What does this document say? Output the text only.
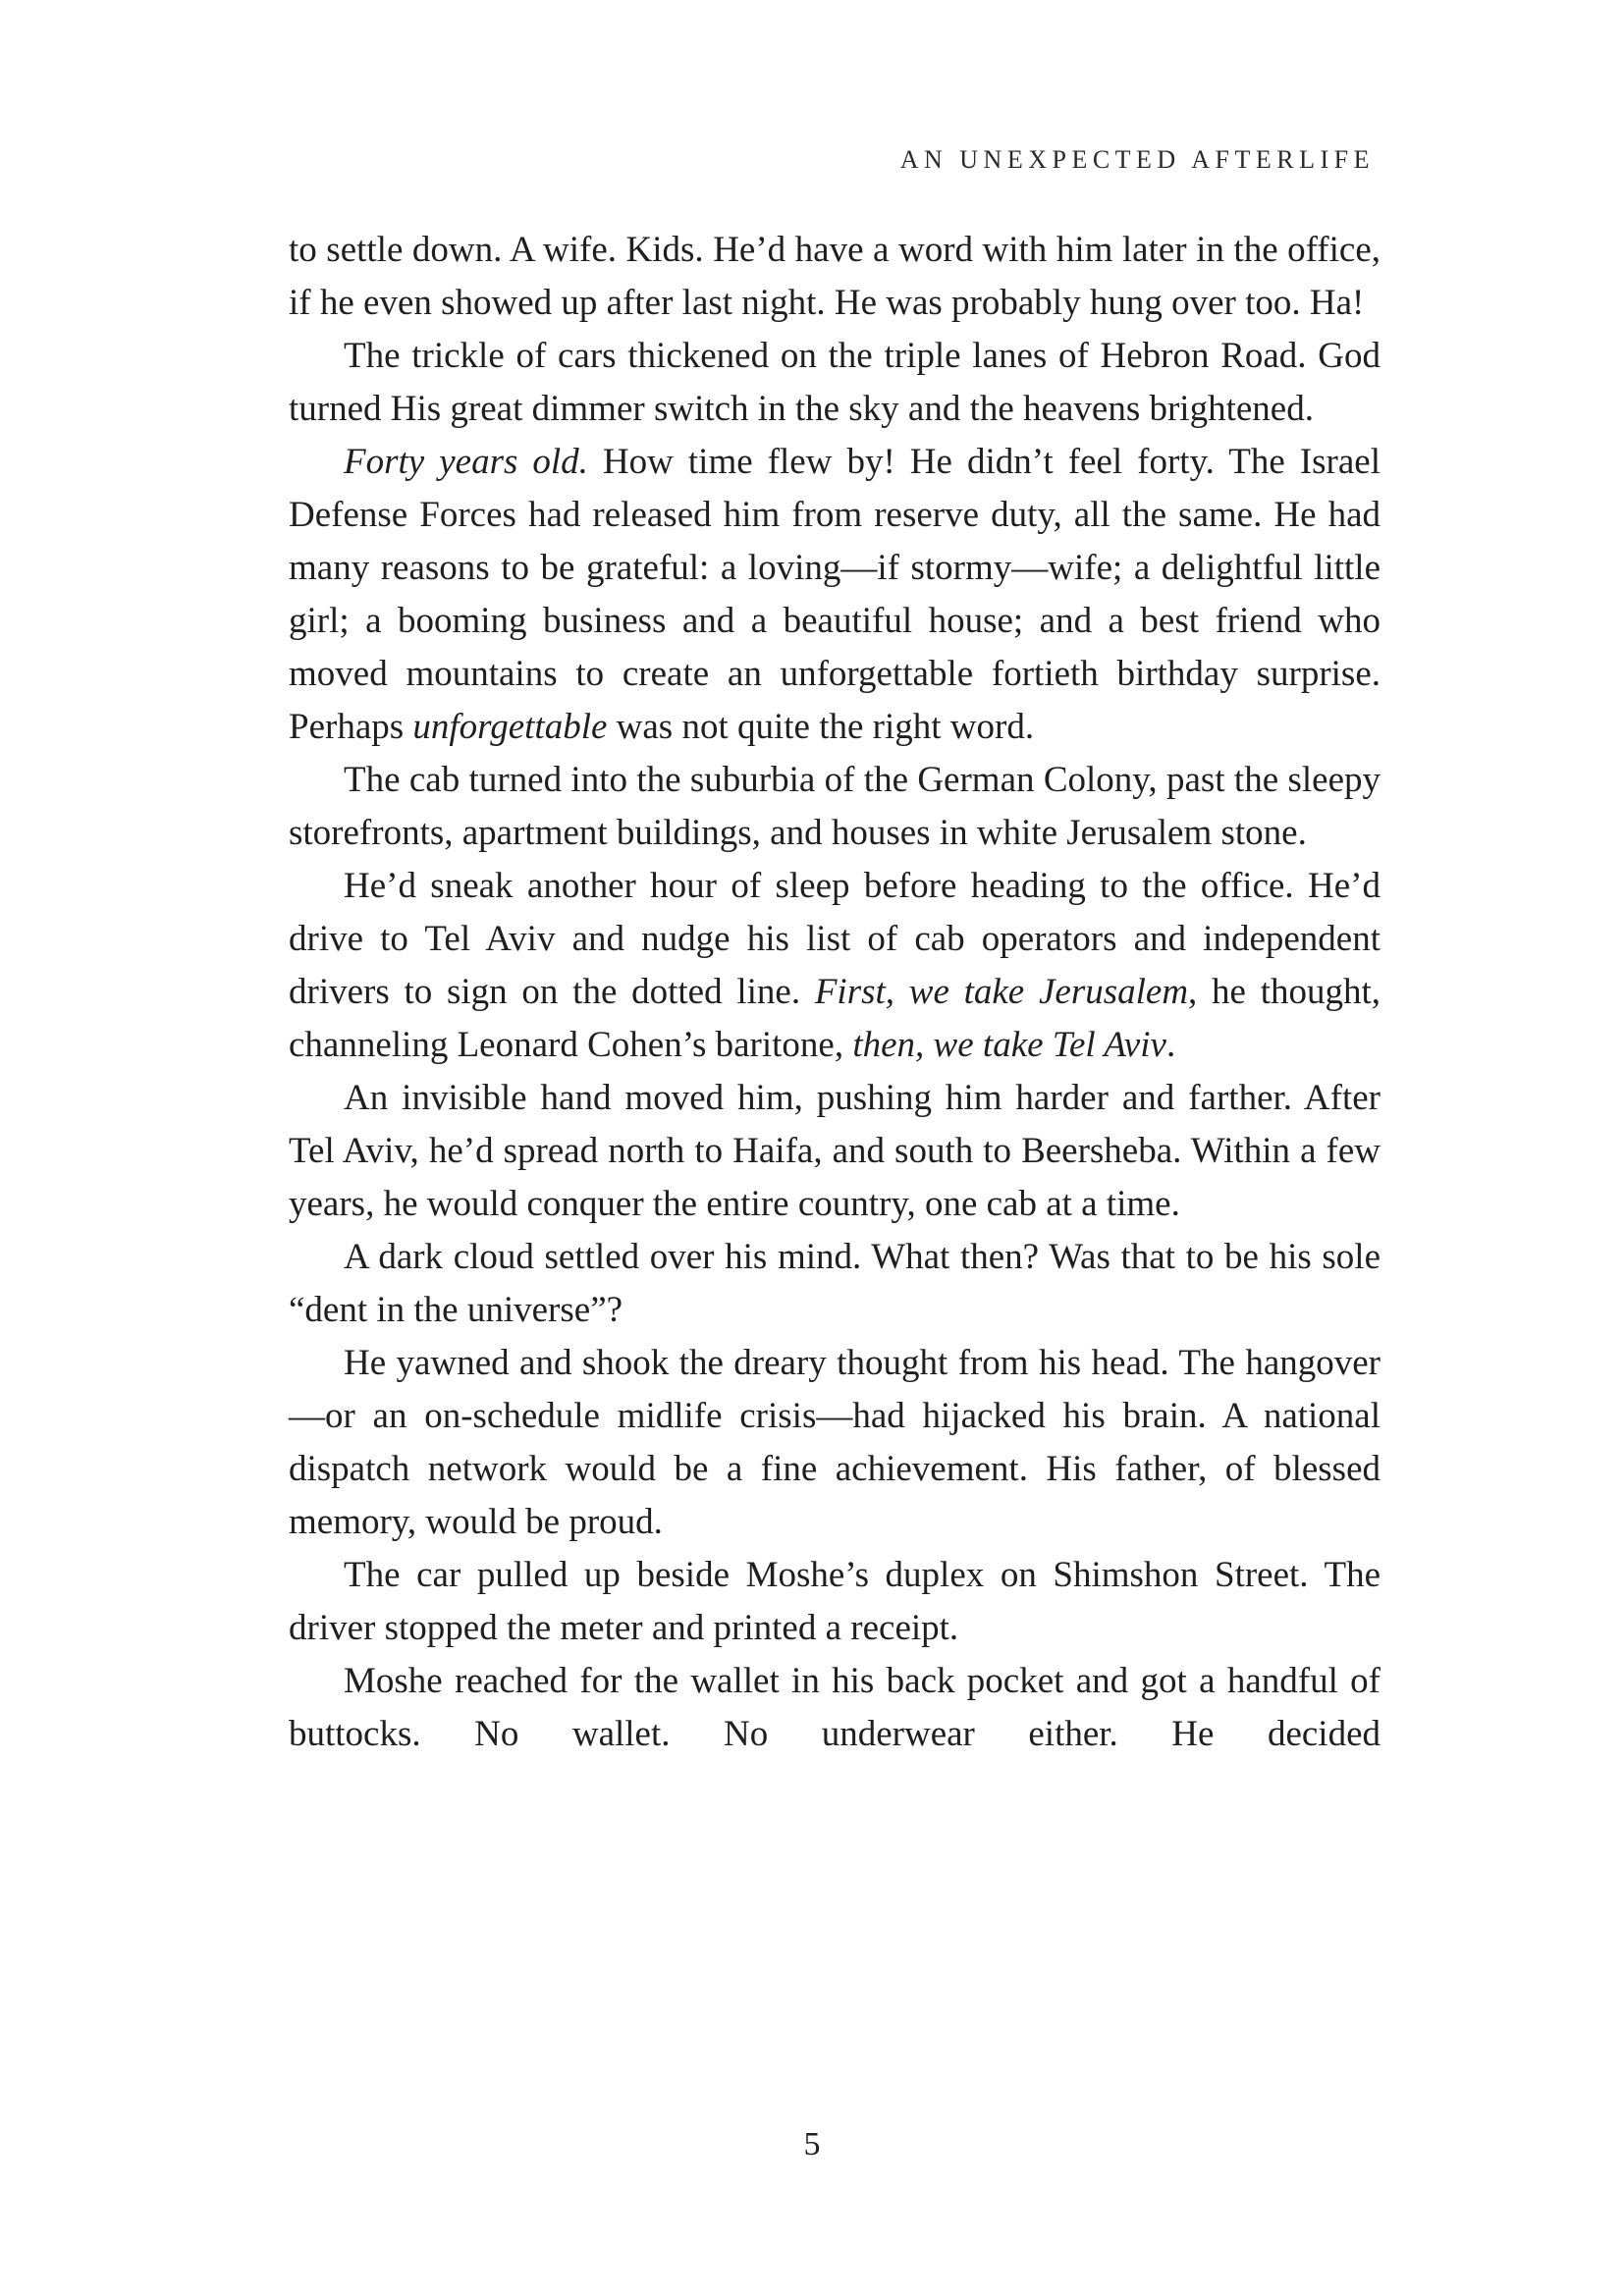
AN UNEXPECTED AFTERLIFE

to settle down. A wife. Kids. He’d have a word with him later in the office, if he even showed up after last night. He was probably hung over too. Ha!

The trickle of cars thickened on the triple lanes of Hebron Road. God turned His great dimmer switch in the sky and the heavens brightened.

Forty years old. How time flew by! He didn’t feel forty. The Israel Defense Forces had released him from reserve duty, all the same. He had many reasons to be grateful: a loving—if stormy—wife; a delightful little girl; a booming business and a beautiful house; and a best friend who moved mountains to create an unforgettable fortieth birthday surprise. Perhaps unforgettable was not quite the right word.

The cab turned into the suburbia of the German Colony, past the sleepy storefronts, apartment buildings, and houses in white Jerusalem stone.

He’d sneak another hour of sleep before heading to the office. He’d drive to Tel Aviv and nudge his list of cab operators and independent drivers to sign on the dotted line. First, we take Jerusalem, he thought, channeling Leonard Cohen’s baritone, then, we take Tel Aviv.

An invisible hand moved him, pushing him harder and farther. After Tel Aviv, he’d spread north to Haifa, and south to Beersheba. Within a few years, he would conquer the entire country, one cab at a time.

A dark cloud settled over his mind. What then? Was that to be his sole “dent in the universe”?

He yawned and shook the dreary thought from his head. The hangover—or an on-schedule midlife crisis—had hijacked his brain. A national dispatch network would be a fine achievement. His father, of blessed memory, would be proud.

The car pulled up beside Moshe’s duplex on Shimshon Street. The driver stopped the meter and printed a receipt.

Moshe reached for the wallet in his back pocket and got a handful of buttocks. No wallet. No underwear either. He decided

5
